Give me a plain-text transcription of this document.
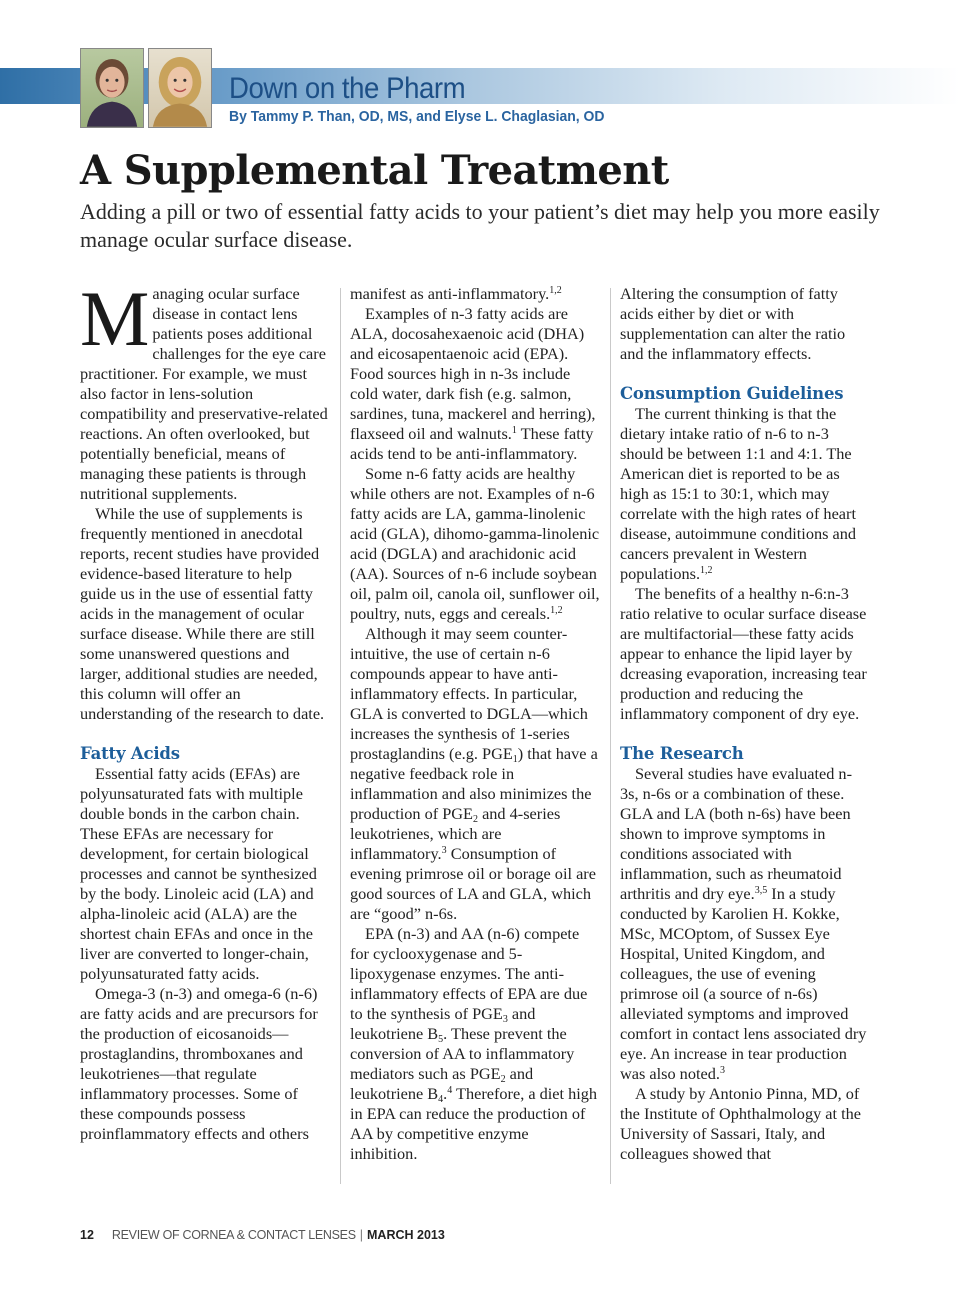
Down on the Pharm
By Tammy P. Than, OD, MS, and Elyse L. Chaglasian, OD
A Supplemental Treatment

Adding a pill or two of essential fatty acids to your patient’s diet may help you more easily manage ocular surface disease.

Managing ocular surface disease in contact lens patients poses additional challenges for the eye care practitioner. For example, we must also factor in lens-solution compatibility and preservative-related reactions. An often overlooked, but potentially beneficial, means of managing these patients is through nutritional supplements.

While the use of supplements is frequently mentioned in anecdotal reports, recent studies have provided evidence-based literature to help guide us in the use of essential fatty acids in the management of ocular surface disease. While there are still some unanswered questions and larger, additional studies are needed, this column will offer an understanding of the research to date.

Fatty Acids

Essential fatty acids (EFAs) are polyunsaturated fats with multiple double bonds in the carbon chain. These EFAs are necessary for development, for certain biological processes and cannot be synthesized by the body. Linoleic acid (LA) and alpha-linoleic acid (ALA) are the shortest chain EFAs and once in the liver are converted to longer-chain, polyunsaturated fatty acids.

Omega-3 (n-3) and omega-6 (n-6) are fatty acids and are precursors for the production of eicosanoids—prostaglandins, thromboxanes and leukotrienes—that regulate inflammatory processes. Some of these compounds possess proinflammatory effects and others

manifest as anti-inflammatory.$^{1,2}$

Examples of n-3 fatty acids are ALA, docosahexaenoic acid (DHA) and eicosapentaenoic acid (EPA). Food sources high in n-3s include cold water, dark fish (e.g. salmon, sardines, tuna, mackerel and herring), flaxseed oil and walnuts.$^1$ These fatty acids tend to be anti-inflammatory.

Some n-6 fatty acids are healthy while others are not. Examples of n-6 fatty acids are LA, gamma-linolenic acid (GLA), dihomo-gamma-linolenic acid (DGLA) and arachidonic acid (AA). Sources of n-6 include soybean oil, palm oil, canola oil, sunflower oil, poultry, nuts, eggs and cereals.$^{1,2}$

Although it may seem counter-intuitive, the use of certain n-6 compounds appear to have anti-inflammatory effects. In particular, GLA is converted to DGLA—which increases the synthesis of 1-series prostaglandins (e.g. $PGE_1$) that have a negative feedback role in inflammation and also minimizes the production of $PGE_2$ and 4-series leukotrienes, which are inflammatory.$^3$ Consumption of evening primrose oil or borage oil are good sources of LA and GLA, which are “good” n-6s.

EPA (n-3) and AA (n-6) compete for cyclooxygenase and 5-lipoxygenase enzymes. The anti-inflammatory effects of EPA are due to the synthesis of $PGE_3$ and leukotriene $B_5$. These prevent the conversion of AA to inflammatory mediators such as $PGE_2$ and leukotriene $B_4.^4$ Therefore, a diet high in EPA can reduce the production of AA by competitive enzyme inhibition.

Altering the consumption of fatty acids either by diet or with supplementation can alter the ratio and the inflammatory effects.

Consumption Guidelines

The current thinking is that the dietary intake ratio of n-6 to n-3 should be between 1:1 and 4:1. The American diet is reported to be as high as 15:1 to 30:1, which may correlate with the high rates of heart disease, autoimmune conditions and cancers prevalent in Western populations.$^{1,2}$

The benefits of a healthy n-6:n-3 ratio relative to ocular surface disease are multifactorial—these fatty acids appear to enhance the lipid layer by dcreasing evaporation, increasing tear production and reducing the inflammatory component of dry eye.

The Research

Several studies have evaluated n-3s, n-6s or a combination of these. GLA and LA (both n-6s) have been shown to improve symptoms in conditions associated with inflammation, such as rheumatoid arthritis and dry eye.$^{3,5}$ In a study conducted by Karolien H. Kokke, MSc, MCOptom, of Sussex Eye Hospital, United Kingdom, and colleagues, the use of evening primrose oil (a source of n-6s) alleviated symptoms and improved comfort in contact lens associated dry eye. An increase in tear production was also noted.$^3$

A study by Antonio Pinna, MD, of the Institute of Ophthalmology at the University of Sassari, Italy, and colleagues showed that

12 REVIEW OF CORNEA & CONTACT LENSES | MARCH 2013
